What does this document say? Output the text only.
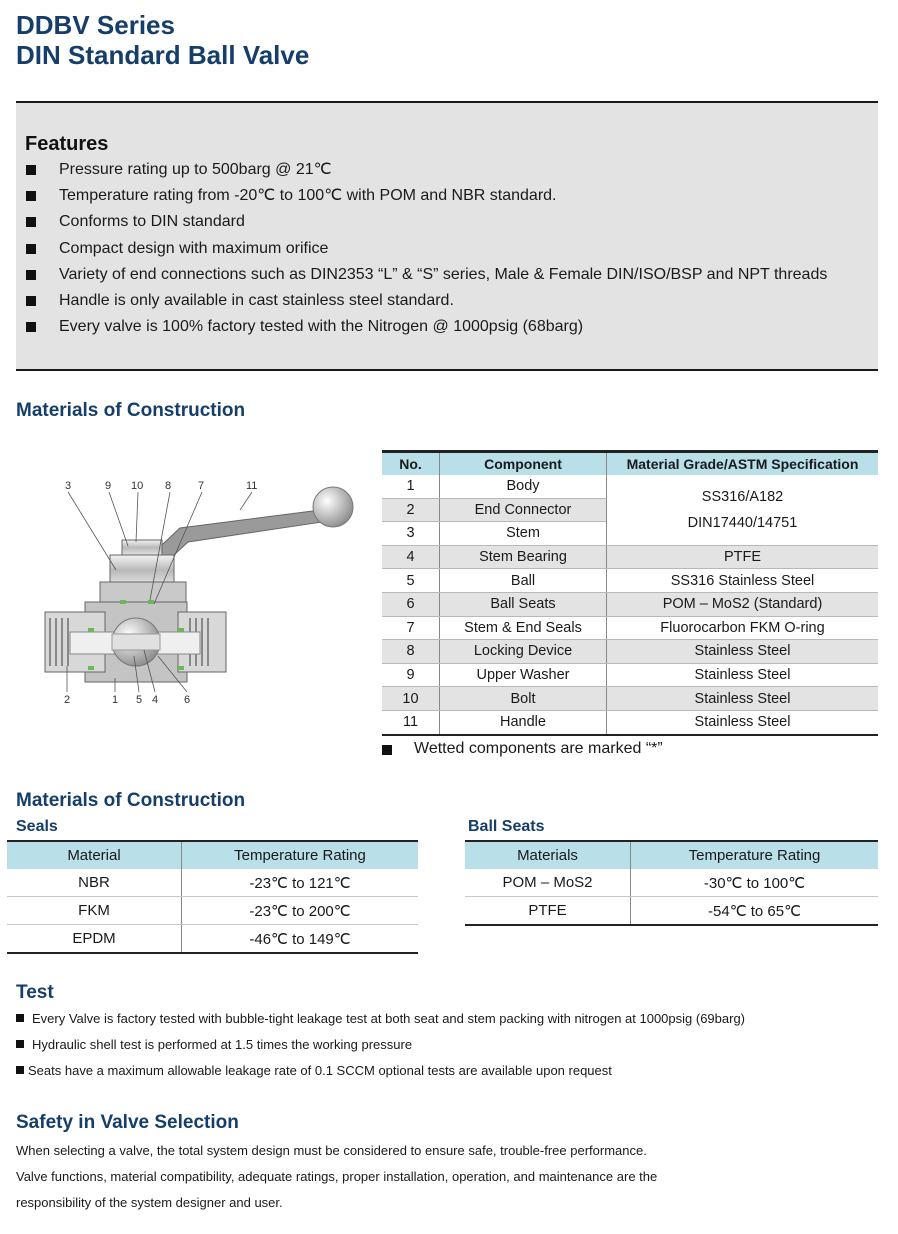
DDBV Series
DIN Standard Ball Valve
Features
Pressure rating up to 500barg @ 21℃
Temperature rating from -20℃ to 100℃ with POM and NBR standard.
Conforms to DIN standard
Compact design with maximum orifice
Variety of end connections such as DIN2353 “L” & “S” series, Male & Female DIN/ISO/BSP and NPT threads
Handle is only available in cast stainless steel standard.
Every valve is 100% factory tested with the Nitrogen @ 1000psig (68barg)
Materials of Construction
3	9 10 8 7	11
2	1 5 4 6
No.	Component	Material Grade/ASTM Specification
1	Body	SS316/A182
DIN17440/14751
2	End Connector	
3	Stem	
4	Stem Bearing	PTFE
5	Ball	SS316 Stainless Steel
6	Ball Seats	POM – MoS2 (Standard)
7	Stem & End Seals	Fluorocarbon FKM O-ring
8	Locking Device	Stainless Steel
9	Upper Washer	Stainless Steel
10	Bolt	Stainless Steel
11	Handle	Stainless Steel
Wetted components are marked “*”
Materials of Construction
Seals	Ball Seats
Material	Temperature Rating
NBR	-23℃ to 121℃
FKM	-23℃ to 200℃
EPDM	-46℃ to 149℃
Materials	Temperature Rating
POM – MoS2	-30℃ to 100℃
PTFE	-54℃ to 65℃
Test
Every Valve is factory tested with bubble-tight leakage test at both seat and stem packing with nitrogen at 1000psig (69barg)
Hydraulic shell test is performed at 1.5 times the working pressure
Seats have a maximum allowable leakage rate of 0.1 SCCM optional tests are available upon request
Safety in Valve Selection

When selecting a valve, the total system design must be considered to ensure safe, trouble-free performance.
Valve functions, material compatibility, adequate ratings, proper installation, operation, and maintenance are the
responsibility of the system designer and user.
